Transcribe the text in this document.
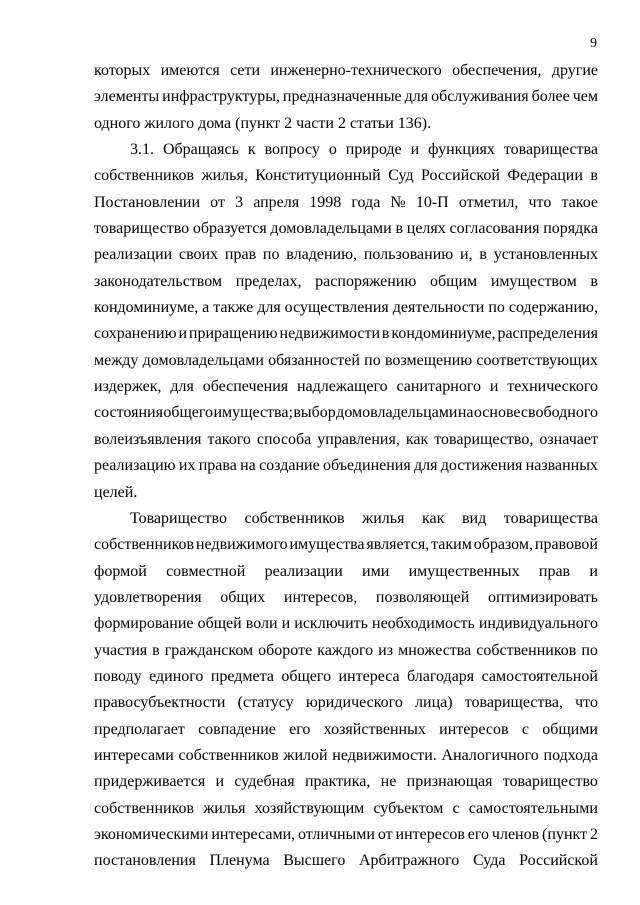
9
которых имеются сети инженерно-технического обеспечения, другие
элементы инфраструктуры, предназначенные для обслуживания более чем
одного жилого дома (пункт 2 части 2 статьи 136).
3.1. Обращаясь к вопросу о природе и функциях товарищества
собственников жилья, Конституционный Суд Российской Федерации в
Постановлении от 3 апреля 1998 года № 10-П отметил, что такое
товарищество образуется домовладельцами в целях согласования порядка
реализации своих прав по владению, пользованию и, в установленных
законодательством пределах, распоряжению общим имуществом в
кондоминиуме, а также для осуществления деятельности по содержанию,
сохранению и приращению недвижимости в кондоминиуме, распределения
между домовладельцами обязанностей по возмещению соответствующих
издержек, для обеспечения надлежащего санитарного и технического
состояния общего имущества; выбор домовладельцами на основе свободного
волеизъявления такого способа управления, как товарищество, означает
реализацию их права на создание объединения для достижения названных
целей.
Товарищество собственников жилья как вид товарищества
собственников недвижимого имущества является, таким образом, правовой
формой совместной реализации ими имущественных прав и
удовлетворения общих интересов, позволяющей оптимизировать
формирование общей воли и исключить необходимость индивидуального
участия в гражданском обороте каждого из множества собственников по
поводу единого предмета общего интереса благодаря самостоятельной
правосубъектности (статусу юридического лица) товарищества, что
предполагает совпадение его хозяйственных интересов с общими
интересами собственников жилой недвижимости. Аналогичного подхода
придерживается и судебная практика, не признающая товарищество
собственников жилья хозяйствующим субъектом с самостоятельными
экономическими интересами, отличными от интересов его членов (пункт 2
постановления Пленума Высшего Арбитражного Суда Российской
